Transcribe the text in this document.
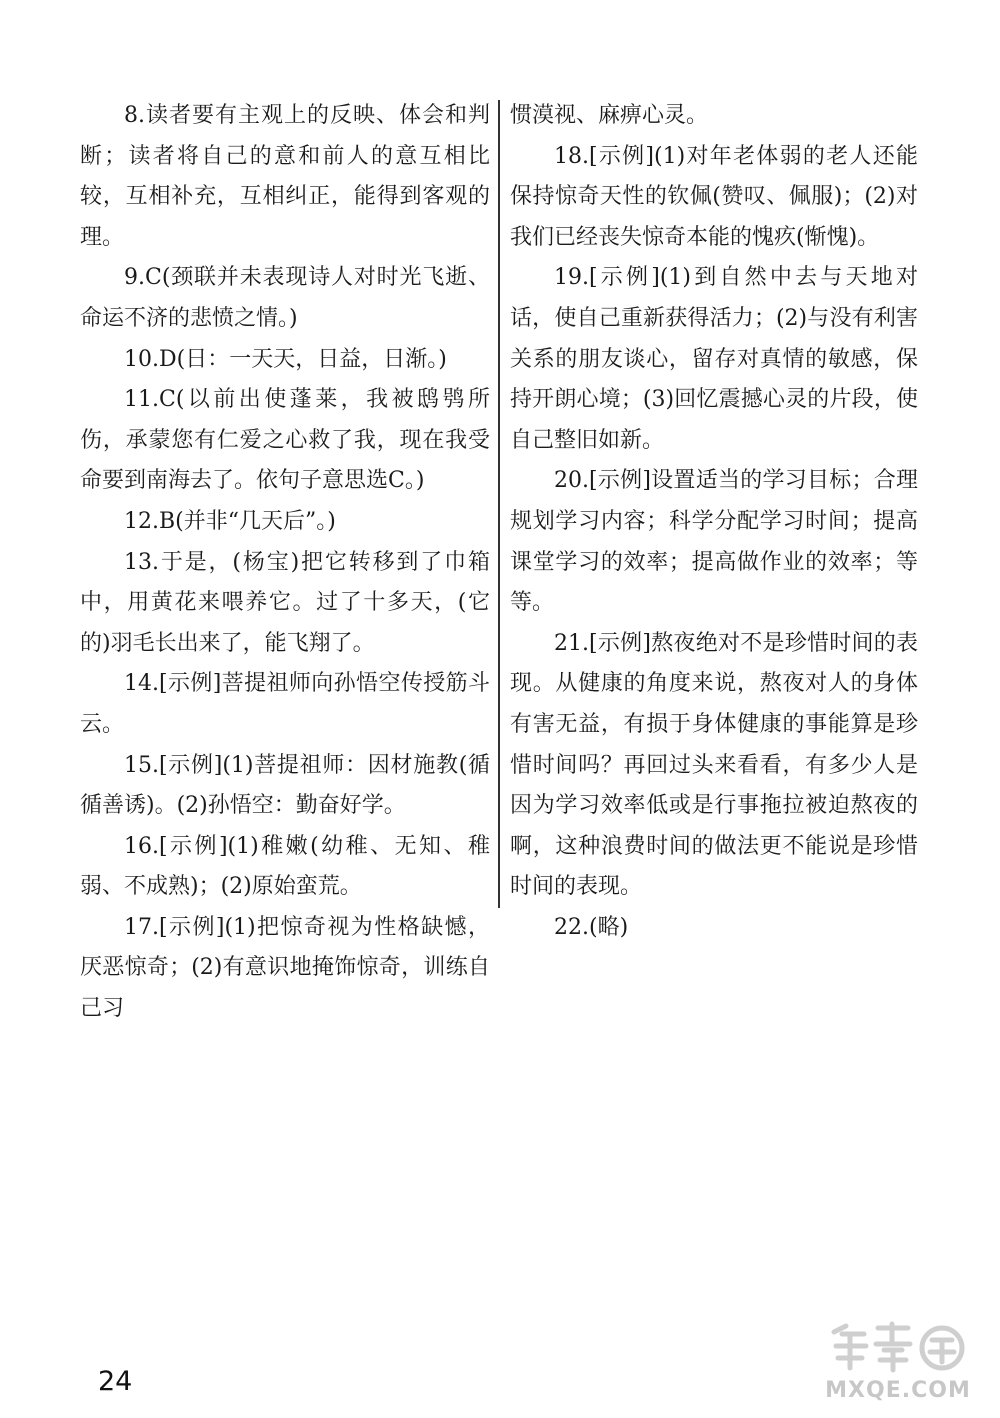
8.读者要有主观上的反映、体会和判断；读者将自己的意和前人的意互相比较，互相补充，互相纠正，能得到客观的理。

9.C(颈联并未表现诗人对时光飞逝、命运不济的悲愤之情。)

10.D(日：一天天，日益，日渐。)

11.C(以前出使蓬莱，我被鸱鸮所伤，承蒙您有仁爱之心救了我，现在我受命要到南海去了。依句子意思选C。)

12.B(并非“几天后”。)

13.于是，(杨宝)把它转移到了巾箱中，用黄花来喂养它。过了十多天，(它的)羽毛长出来了，能飞翔了。

14.[示例]菩提祖师向孙悟空传授筋斗云。

15.[示例](1)菩提祖师：因材施教(循循善诱)。(2)孙悟空：勤奋好学。

16.[示例](1)稚嫩(幼稚、无知、稚弱、不成熟)；(2)原始蛮荒。

17.[示例](1)把惊奇视为性格缺憾，厌恶惊奇；(2)有意识地掩饰惊奇，训练自己习

惯漠视、麻痹心灵。

18.[示例](1)对年老体弱的老人还能保持惊奇天性的钦佩(赞叹、佩服)；(2)对我们已经丧失惊奇本能的愧疚(惭愧)。

19.[示例](1)到自然中去与天地对话，使自己重新获得活力；(2)与没有利害关系的朋友谈心，留存对真情的敏感，保持开朗心境；(3)回忆震撼心灵的片段，使自己整旧如新。

20.[示例]设置适当的学习目标；合理规划学习内容；科学分配学习时间；提高课堂学习的效率；提高做作业的效率；等等。

21.[示例]熬夜绝对不是珍惜时间的表现。从健康的角度来说，熬夜对人的身体有害无益，有损于身体健康的事能算是珍惜时间吗？再回过头来看看，有多少人是因为学习效率低或是行事拖拉被迫熬夜的啊，这种浪费时间的做法更不能说是珍惜时间的表现。

22.(略)

24	MXQE.COM
